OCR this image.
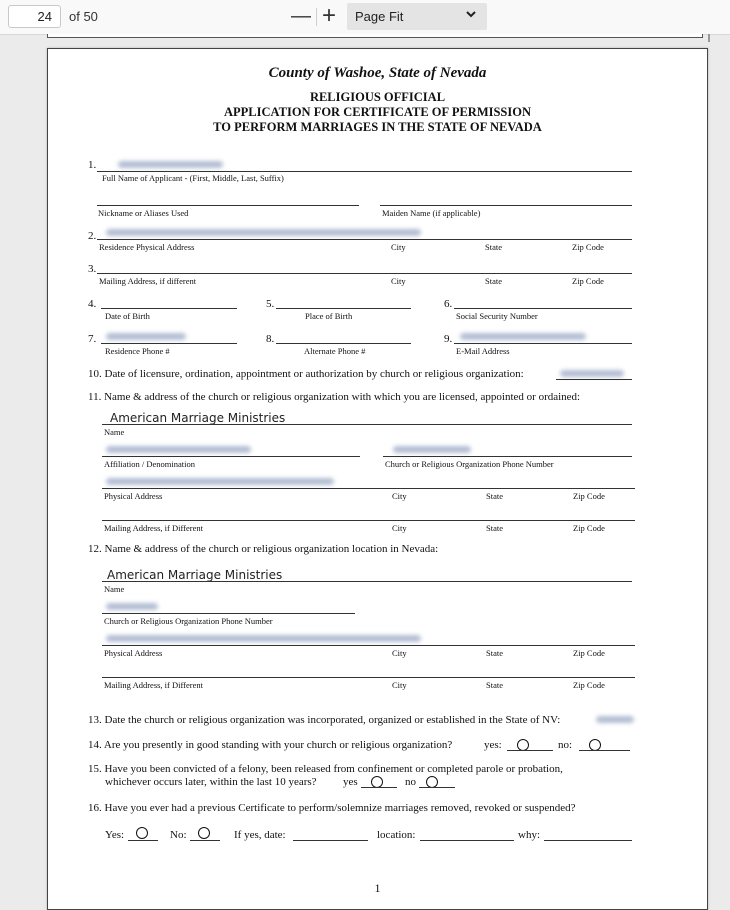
24
of 50	— +	Page Fit
County of Washoe, State of Nevada
RELIGIOUS OFFICIAL
APPLICATION FOR CERTIFICATE OF PERMISSION
TO PERFORM MARRIAGES IN THE STATE OF NEVADA
1.
Full Name of Applicant - (First, Middle, Last, Suffix)
Nickname or Aliases Used	Maiden Name (if applicable)
2.
Residence Physical Address	City	State	Zip Code
3.
Mailing Address, if different	City	State	Zip Code
4.
Date of Birth
5.
Place of Birth
6.
Social Security Number
7.
Residence Phone #
8.
Alternate Phone #
9.
E-Mail Address
10. Date of licensure, ordination, appointment or authorization by church or religious organization:
11. Name & address of the church or religious organization with which you are licensed, appointed or ordained:
American Marriage Ministries
Name
Affiliation / Denomination	Church or Religious Organization Phone Number
Physical Address	City	State	Zip Code
Mailing Address, if Different	City	State	Zip Code
12. Name & address of the church or religious organization location in Nevada:
American Marriage Ministries
Name
Church or Religious Organization Phone Number
Physical Address	City	State	Zip Code
Mailing Address, if Different	City	State	Zip Code
13. Date the church or religious organization was incorporated, organized or established in the State of NV:
14. Are you presently in good standing with your church or religious organization?	yes:	no:
15. Have you been convicted of a felony, been released from confinement or completed parole or probation,
whichever occurs later, within the last 10 years? yes	no
16. Have you ever had a previous Certificate to perform/solemnize marriages removed, revoked or suspended?
Yes:	No:	If yes, date:	location:	why:
1
